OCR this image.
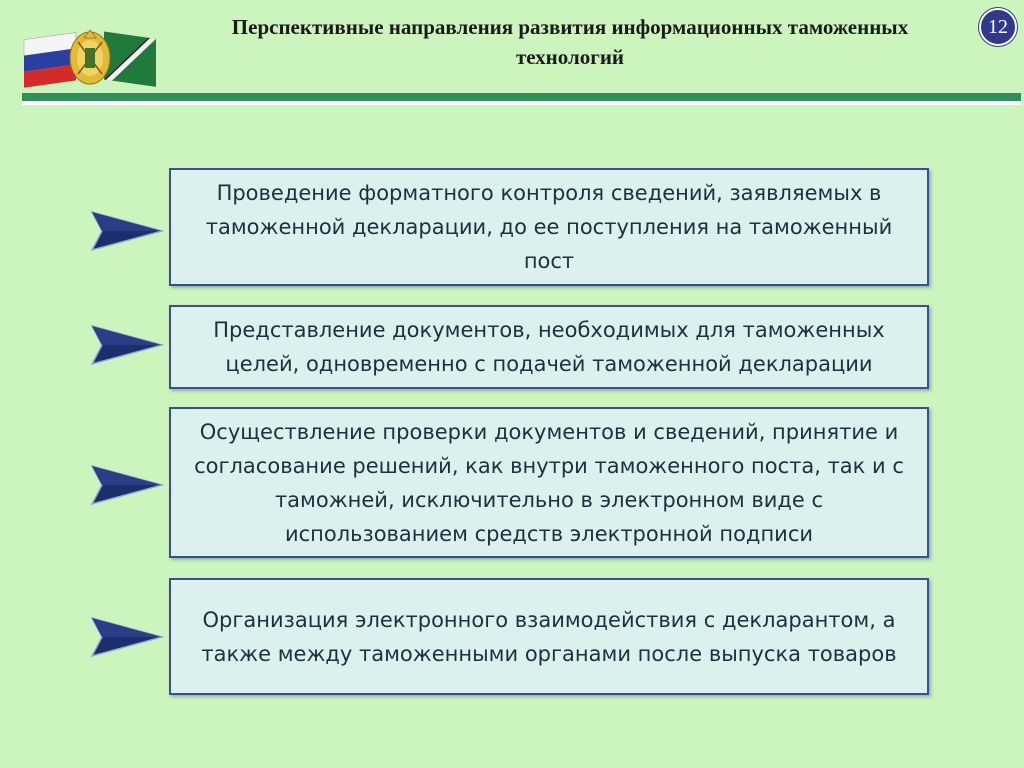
Перспективные направления развития информационных таможенных технологий
12
Проведение форматного контроля сведений, заявляемых в таможенной декларации, до ее поступления на таможенный пост
Представление документов, необходимых для таможенных целей, одновременно с подачей таможенной декларации
Осуществление проверки документов и сведений, принятие и согласование решений, как внутри таможенного поста, так и с таможней, исключительно в электронном виде с использованием средств электронной подписи
Организация электронного взаимодействия с декларантом, а также между таможенными органами после выпуска товаров
